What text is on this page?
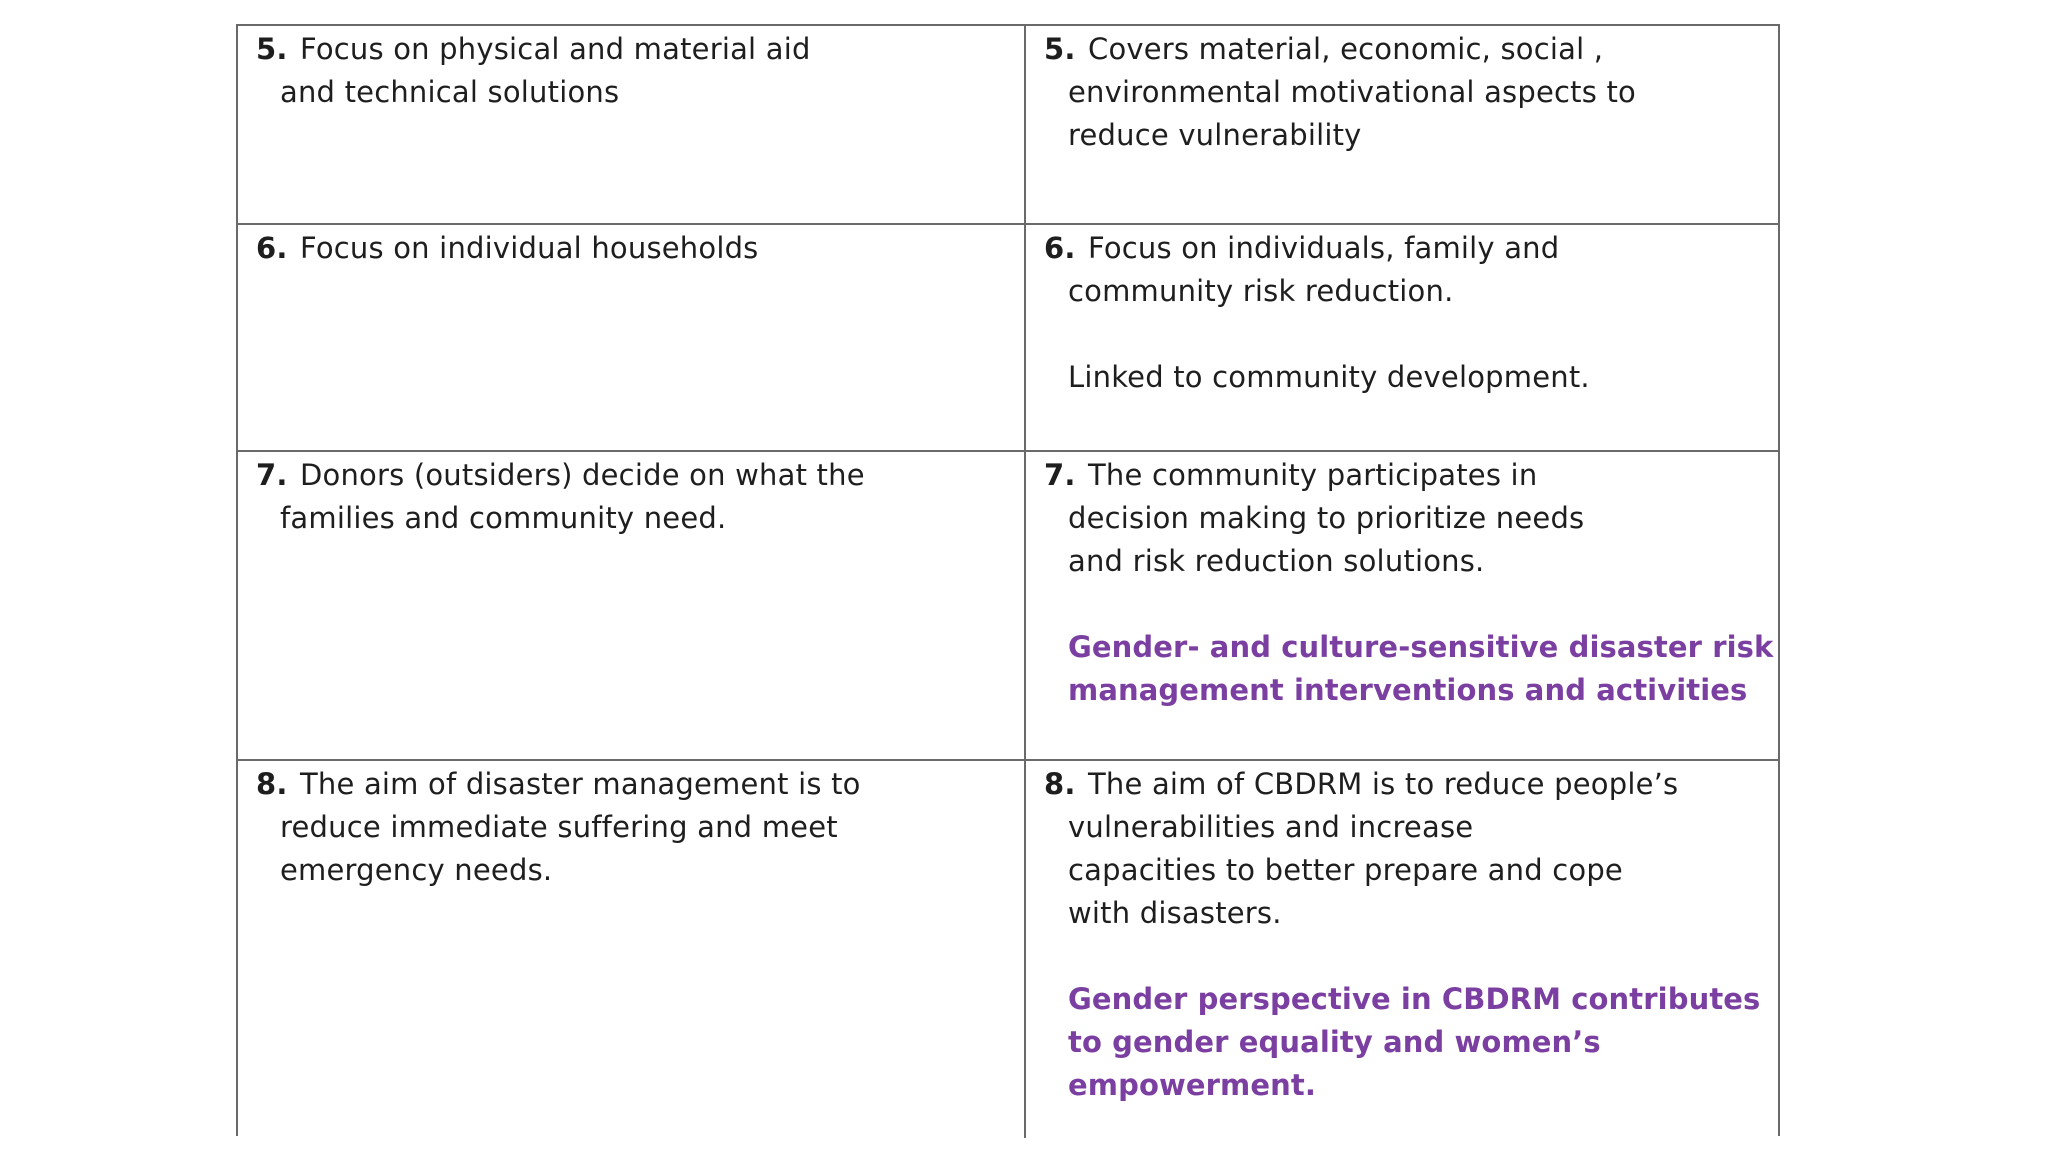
5. Focus on physical and material aid
and technical solutions
5. Covers material, economic, social ,
environmental motivational aspects to
reduce vulnerability
6. Focus on individual households	6. Focus on individuals, family and
community risk reduction.
Linked to community development.
7. Donors (outsiders) decide on what the
families and community need.
7. The community participates in
decision making to prioritize needs
and risk reduction solutions.
Gender- and culture-sensitive disaster risk
management interventions and activities
8. The aim of disaster management is to
reduce immediate suffering and meet
emergency needs.
8. The aim of CBDRM is to reduce people’s
vulnerabilities and increase
capacities to better prepare and cope
with disasters.
Gender perspective in CBDRM contributes
to gender equality and women’s
empowerment.
